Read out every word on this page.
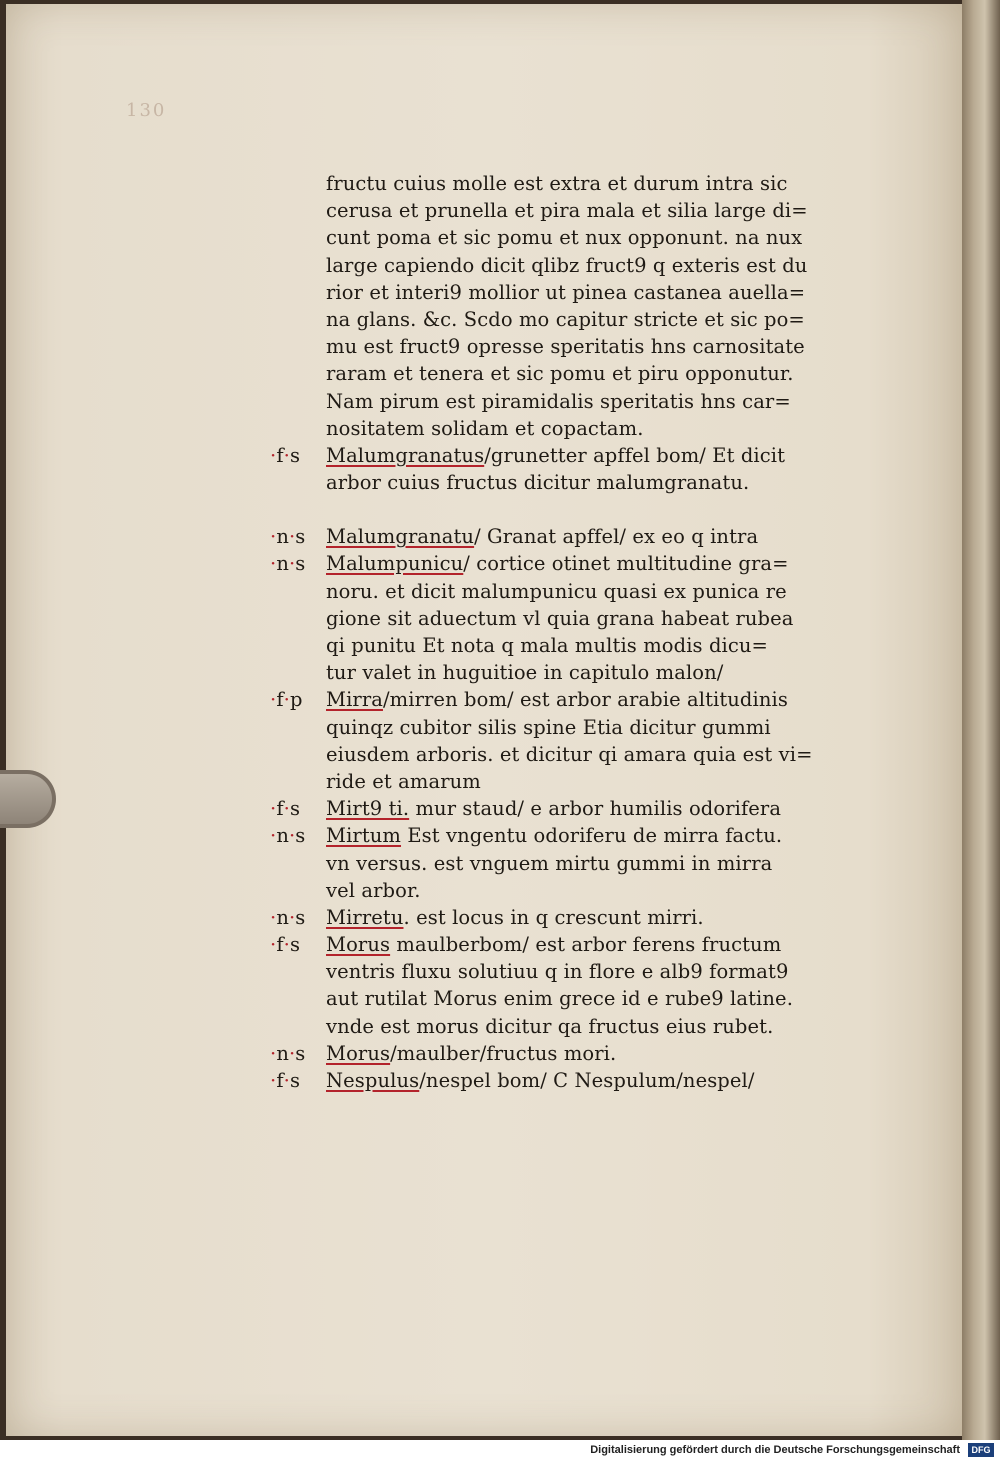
130
fructu cuius molle est extra et durum intra sic
cerusa et prunella et pira mala et silia large di=
cunt poma et sic pomu et nux opponunt. na nux
large capiendo dicit qlibz fruct9 q exteris est du
rior et interi9 mollior ut pinea castanea auella=
na glans. &c. Scdo mo capitur stricte et sic po=
mu est fruct9 opresse speritatis hns carnositate
raram et tenera et sic pomu et piru opponutur.
Nam pirum est piramidalis speritatis hns car=
nositatem solidam et copactam.
·f·s Malumgranatus/grunetter apffel bom/ Et dicit
arbor cuius fructus dicitur malumgranatu.
·n·s Malumgranatu/ Granat apffel/ ex eo q intra
·n·s Malumpunicu/ cortice otinet multitudine gra=
noru. et dicit malumpunicu quasi ex punica re
gione sit aduectum vl quia grana habeat rubea
qi punitu Et nota q mala multis modis dicu=
tur valet in huguitioe in capitulo malon/
·f·p Mirra/mirren bom/ est arbor arabie altitudinis
quinqz cubitor silis spine Etia dicitur gummi
eiusdem arboris. et dicitur qi amara quia est vi=
ride et amarum
·f·s Mirt9 ti. mur staud/ e arbor humilis odorifera
·n·s Mirtum Est vngentu odoriferu de mirra factu.
vn versus. est vnguem mirtu gummi in mirra
vel arbor.
·n·s Mirretu. est locus in q crescunt mirri.
·f·s Morus maulberbom/ est arbor ferens fructum
ventris fluxu solutiuu q in flore e alb9 format9
aut rutilat Morus enim grece id e rube9 latine.
vnde est morus dicitur qa fructus eius rubet.
·n·s Morus/maulber/fructus mori.
·f·s Nespulus/nespel bom/ C Nespulum/nespel/
Digitalisierung gefördert durch die Deutsche Forschungsgemeinschaft	DFG
